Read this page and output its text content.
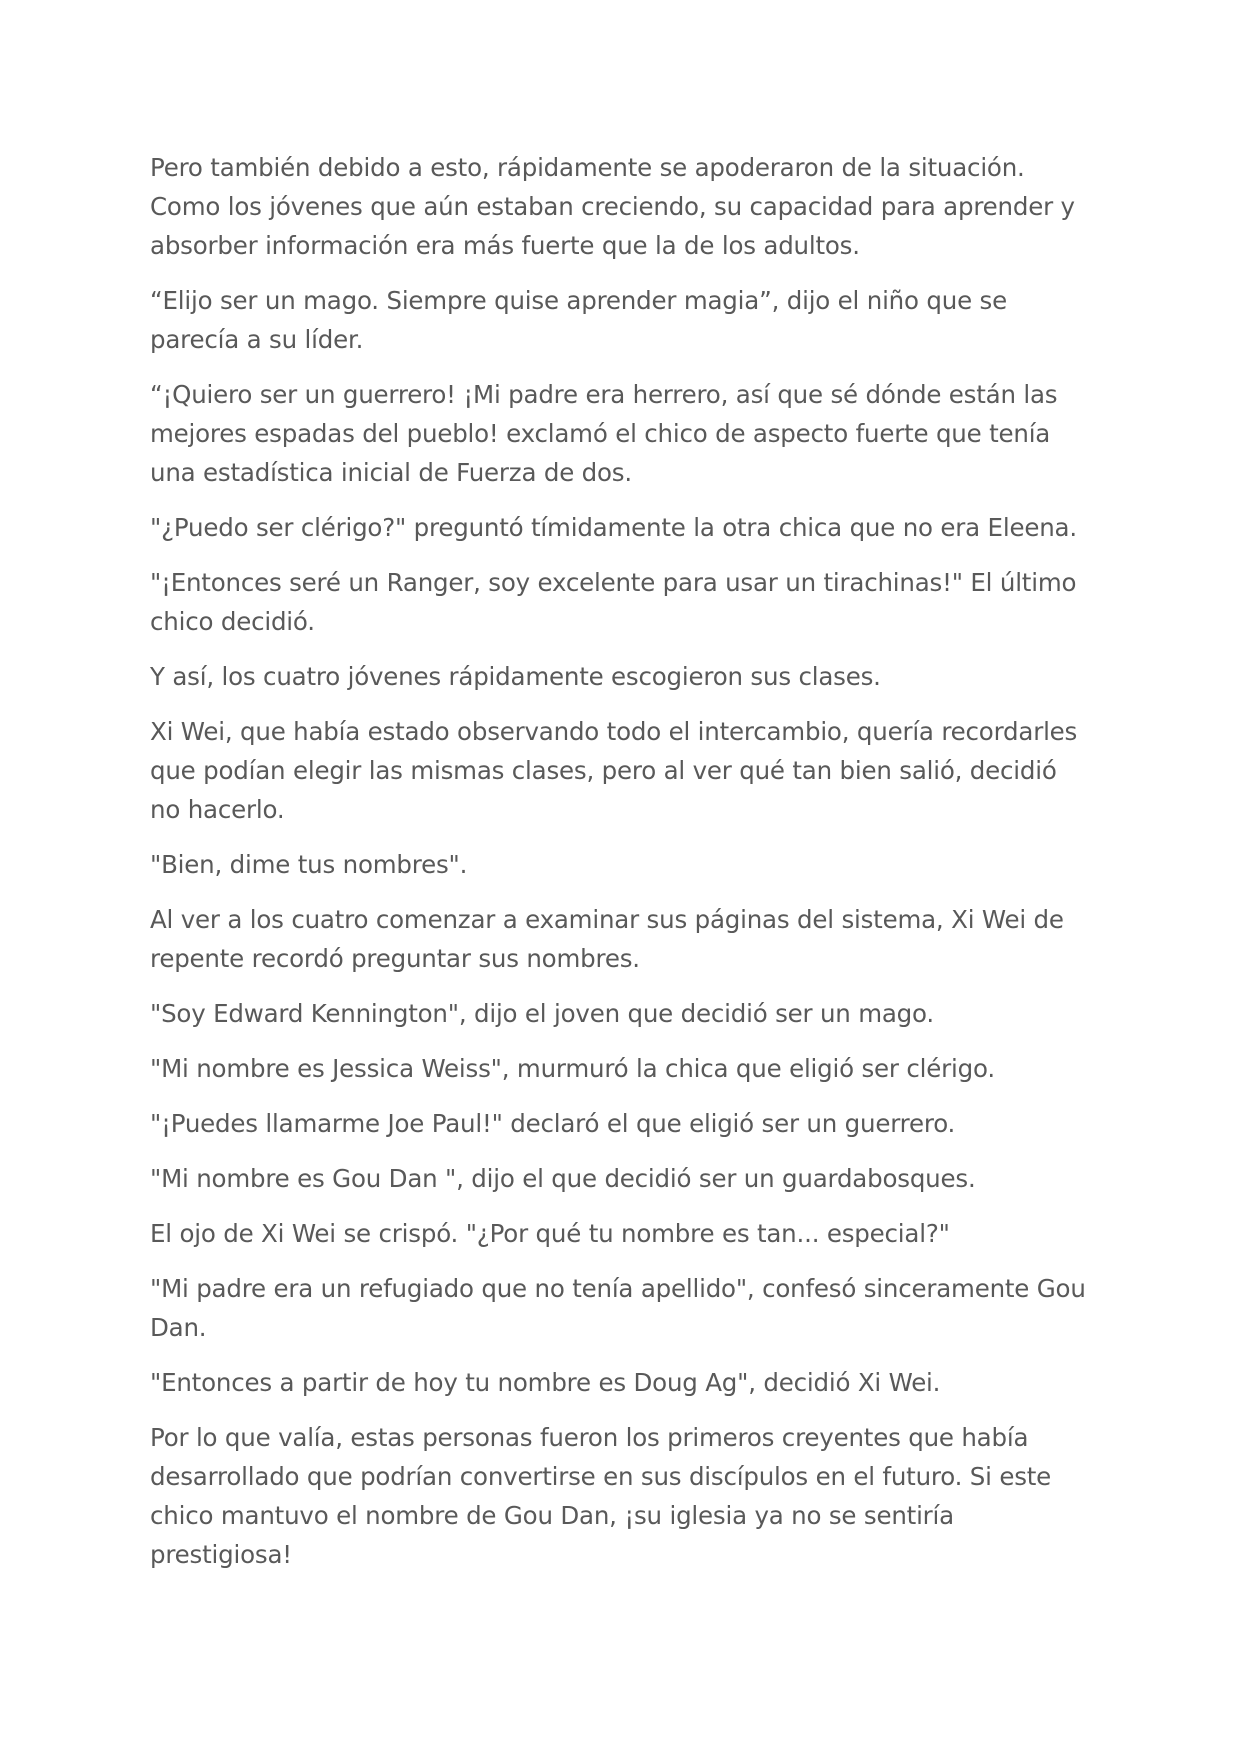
Pero también debido a esto, rápidamente se apoderaron de la situación. Como los jóvenes que aún estaban creciendo, su capacidad para aprender y absorber información era más fuerte que la de los adultos.

“Elijo ser un mago. Siempre quise aprender magia”, dijo el niño que se parecía a su líder.

“¡Quiero ser un guerrero! ¡Mi padre era herrero, así que sé dónde están las mejores espadas del pueblo! exclamó el chico de aspecto fuerte que tenía una estadística inicial de Fuerza de dos.

"¿Puedo ser clérigo?" preguntó tímidamente la otra chica que no era Eleena.

"¡Entonces seré un Ranger, soy excelente para usar un tirachinas!" El último chico decidió.

Y así, los cuatro jóvenes rápidamente escogieron sus clases.

Xi Wei, que había estado observando todo el intercambio, quería recordarles que podían elegir las mismas clases, pero al ver qué tan bien salió, decidió no hacerlo.

"Bien, dime tus nombres".

Al ver a los cuatro comenzar a examinar sus páginas del sistema, Xi Wei de repente recordó preguntar sus nombres.

"Soy Edward Kennington", dijo el joven que decidió ser un mago.

"Mi nombre es Jessica Weiss", murmuró la chica que eligió ser clérigo.

"¡Puedes llamarme Joe Paul!" declaró el que eligió ser un guerrero.

"Mi nombre es Gou Dan ", dijo el que decidió ser un guardabosques.

El ojo de Xi Wei se crispó. "¿Por qué tu nombre es tan... especial?"

"Mi padre era un refugiado que no tenía apellido", confesó sinceramente Gou Dan.

"Entonces a partir de hoy tu nombre es Doug Ag", decidió Xi Wei.

Por lo que valía, estas personas fueron los primeros creyentes que había desarrollado que podrían convertirse en sus discípulos en el futuro. Si este chico mantuvo el nombre de Gou Dan, ¡su iglesia ya no se sentiría prestigiosa!
